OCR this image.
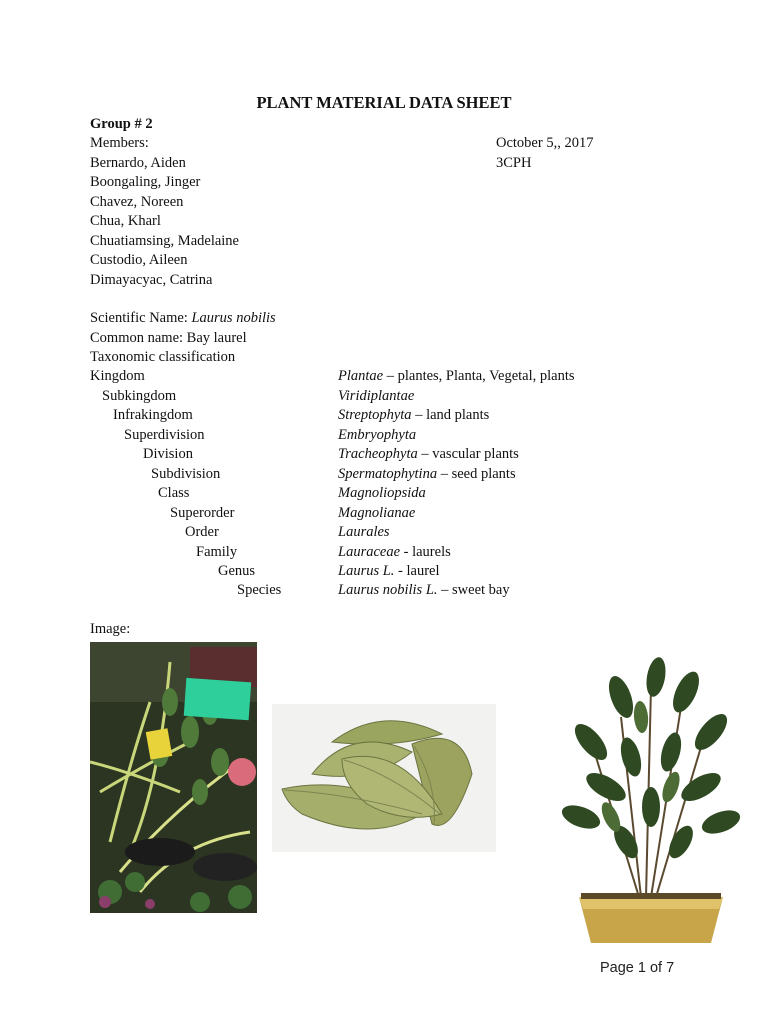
PLANT MATERIAL DATA SHEET
Group # 2
Members:	October 5,, 2017
3CPH
Bernardo, Aiden
Boongaling, Jinger
Chavez, Noreen
Chua, Kharl
Chuatiamsing, Madelaine
Custodio, Aileen
Dimayacyac, Catrina
Scientific Name: Laurus nobilis
Common name: Bay laurel
Taxonomic classification
Kingdom	Plantae – plantes, Planta, Vegetal, plants
Subkingdom	Viridiplantae
Infrakingdom	Streptophyta – land plants
Superdivision	Embryophyta
Division	Tracheophyta – vascular plants
Subdivision	Spermatophytina – seed plants
Class	Magnoliopsida
Superorder	Magnolianae
Order	Laurales
Family	Lauraceae - laurels
Genus	Laurus L. - laurel
Species	Laurus nobilis L. – sweet bay
Image:
Page 1 of 7
